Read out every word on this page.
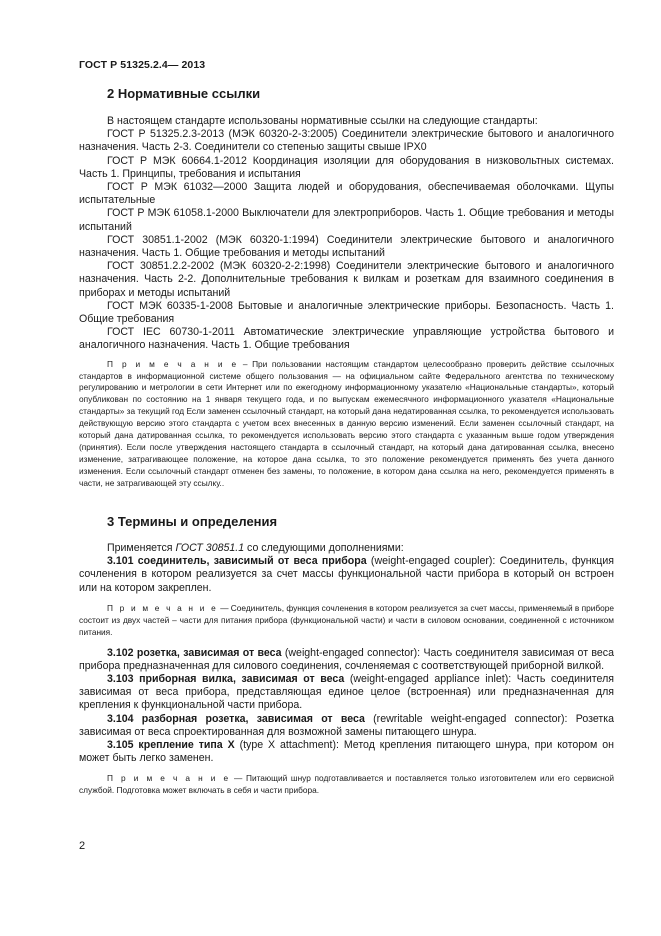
ГОСТ Р 51325.2.4— 2013
2 Нормативные ссылки

В настоящем стандарте использованы нормативные ссылки на следующие стандарты:

ГОСТ Р 51325.2.3-2013 (МЭК 60320-2-3:2005) Соединители электрические бытового и аналогичного назначения. Часть 2-3. Соединители со степенью защиты свыше IPX0

ГОСТ Р МЭК 60664.1-2012 Координация изоляции для оборудования в низковольтных системах. Часть 1. Принципы, требования и испытания

ГОСТ Р МЭК 61032—2000 Защита людей и оборудования, обеспечиваемая оболочками. Щупы испытательные

ГОСТ Р МЭК 61058.1-2000 Выключатели для электроприборов. Часть 1. Общие требования и методы испытаний

ГОСТ 30851.1-2002 (МЭК 60320-1:1994) Соединители электрические бытового и аналогичного назначения. Часть 1. Общие требования и методы испытаний

ГОСТ 30851.2.2-2002 (МЭК 60320-2-2:1998) Соединители электрические бытового и аналогичного назначения. Часть 2-2. Дополнительные требования к вилкам и розеткам для взаимного соединения в приборах и методы испытаний

ГОСТ МЭК 60335-1-2008 Бытовые и аналогичные электрические приборы. Безопасность. Часть 1. Общие требования

ГОСТ IEC 60730-1-2011 Автоматические электрические управляющие устройства бытового и аналогичного назначения. Часть 1. Общие требования

П р и м е ч а н и е – При пользовании настоящим стандартом целесообразно проверить действие ссылочных стандартов в информационной системе общего пользования — на официальном сайте Федерального агентства по техническому регулированию и метрологии в сети Интернет или по ежегодному информационному указателю «Национальные стандарты», который опубликован по состоянию на 1 января текущего года, и по выпускам ежемесячного информационного указателя «Национальные стандарты» за текущий год Если заменен ссылочный стандарт, на который дана недатированная ссылка, то рекомендуется использовать действующую версию этого стандарта с учетом всех внесенных в данную версию изменений. Если заменен ссылочный стандарт, на который дана датированная ссылка, то рекомендуется использовать версию этого стандарта с указанным выше годом утверждения (принятия). Если после утверждения настоящего стандарта в ссылочный стандарт, на который дана датированная ссылка, внесено изменение, затрагивающее положение, на которое дана ссылка, то это положение рекомендуется применять без учета данного изменения. Если ссылочный стандарт отменен без замены, то положение, в котором дана ссылка на него, рекомендуется применять в части, не затрагивающей эту ссылку..

3 Термины и определения

Применяется ГОСТ 30851.1 со следующими дополнениями:

3.101 соединитель, зависимый от веса прибора (weight-engaged coupler): Соединитель, функция сочленения в котором реализуется за счет массы функциональной части прибора в который он встроен или на котором закреплен.

П р и м е ч а н и е — Соединитель, функция сочленения в котором реализуется за счет массы, применяемый в приборе состоит из двух частей – части для питания прибора (функциональной части) и части в силовом основании, соединенной с источником питания.

3.102 розетка, зависимая от веса (weight-engaged connector): Часть соединителя зависимая от веса прибора предназначенная для силового соединения, сочленяемая с соответствующей приборной вилкой.

3.103 приборная вилка, зависимая от веса (weight-engaged appliance inlet): Часть соединителя зависимая от веса прибора, представляющая единое целое (встроенная) или предназначенная для крепления к функциональной части прибора.

3.104 разборная розетка, зависимая от веса (rewritable weight-engaged connector): Розетка зависимая от веса спроектированная для возможной замены питающего шнура.

3.105 крепление типа X (type X attachment): Метод крепления питающего шнура, при котором он может быть легко заменен.

П р и м е ч а н и е — Питающий шнур подготавливается и поставляется только изготовителем или его сервисной службой. Подготовка может включать в себя и части прибора.

2
